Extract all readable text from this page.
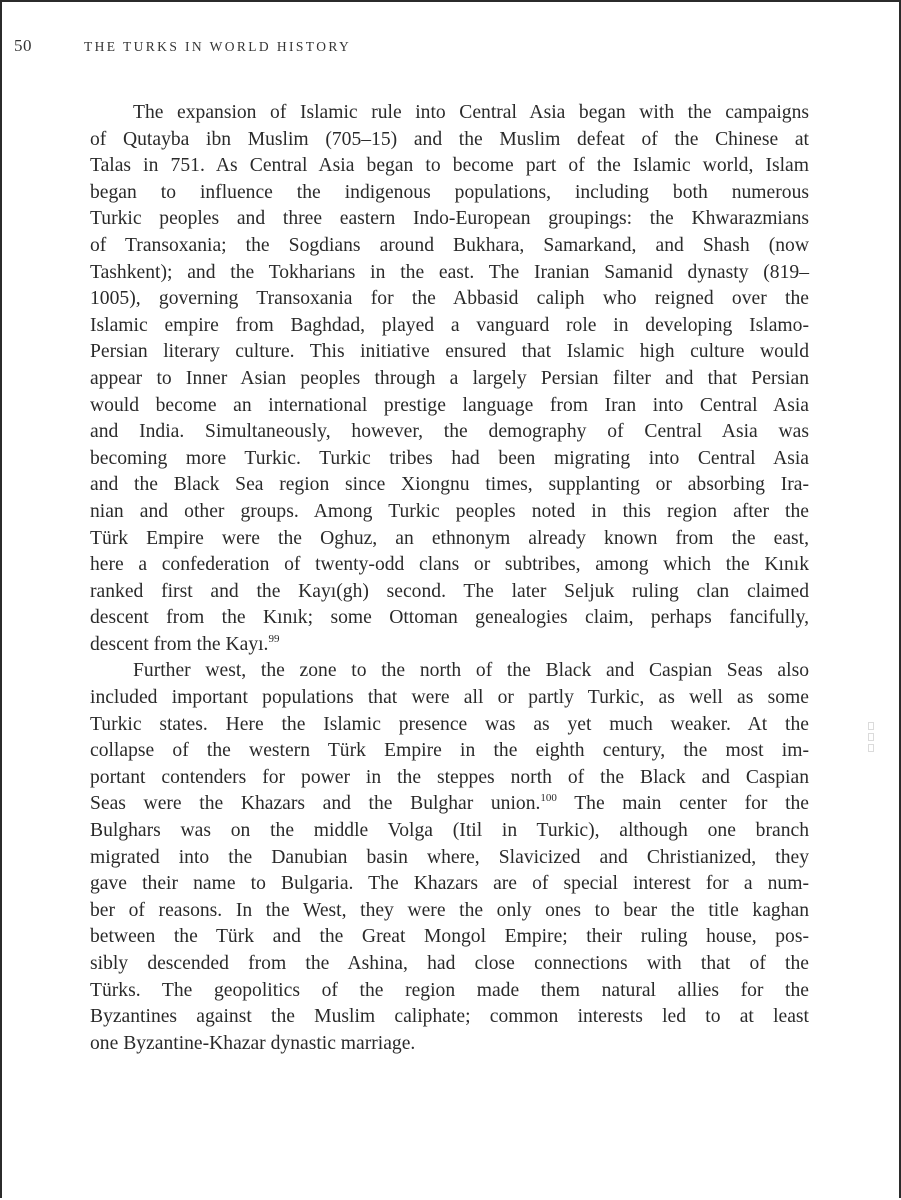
50	THE TURKS IN WORLD HISTORY
The expansion of Islamic rule into Central Asia began with the campaigns
of Qutayba ibn Muslim (705–15) and the Muslim defeat of the Chinese at
Talas in 751. As Central Asia began to become part of the Islamic world, Islam
began to influence the indigenous populations, including both numerous
Turkic peoples and three eastern Indo-European groupings: the Khwarazmians
of Transoxania; the Sogdians around Bukhara, Samarkand, and Shash (now
Tashkent); and the Tokharians in the east. The Iranian Samanid dynasty (819–
1005), governing Transoxania for the Abbasid caliph who reigned over the
Islamic empire from Baghdad, played a vanguard role in developing Islamo-
Persian literary culture. This initiative ensured that Islamic high culture would
appear to Inner Asian peoples through a largely Persian filter and that Persian
would become an international prestige language from Iran into Central Asia
and India. Simultaneously, however, the demography of Central Asia was
becoming more Turkic. Turkic tribes had been migrating into Central Asia
and the Black Sea region since Xiongnu times, supplanting or absorbing Ira-
nian and other groups. Among Turkic peoples noted in this region after the
Türk Empire were the Oghuz, an ethnonym already known from the east,
here a confederation of twenty-odd clans or subtribes, among which the Kınık
ranked first and the Kayı(gh) second. The later Seljuk ruling clan claimed
descent from the Kınık; some Ottoman genealogies claim, perhaps fancifully,
descent from the Kayı.$^{99}$
Further west, the zone to the north of the Black and Caspian Seas also
included important populations that were all or partly Turkic, as well as some
Turkic states. Here the Islamic presence was as yet much weaker. At the
collapse of the western Türk Empire in the eighth century, the most im-
portant contenders for power in the steppes north of the Black and Caspian
Seas were the Khazars and the Bulghar union.$^{100}$ The main center for the
Bulghars was on the middle Volga (Itil in Turkic), although one branch
migrated into the Danubian basin where, Slavicized and Christianized, they
gave their name to Bulgaria. The Khazars are of special interest for a num-
ber of reasons. In the West, they were the only ones to bear the title kaghan
between the Türk and the Great Mongol Empire; their ruling house, pos-
sibly descended from the Ashina, had close connections with that of the
Türks. The geopolitics of the region made them natural allies for the
Byzantines against the Muslim caliphate; common interests led to at least
one Byzantine-Khazar dynastic marriage.
